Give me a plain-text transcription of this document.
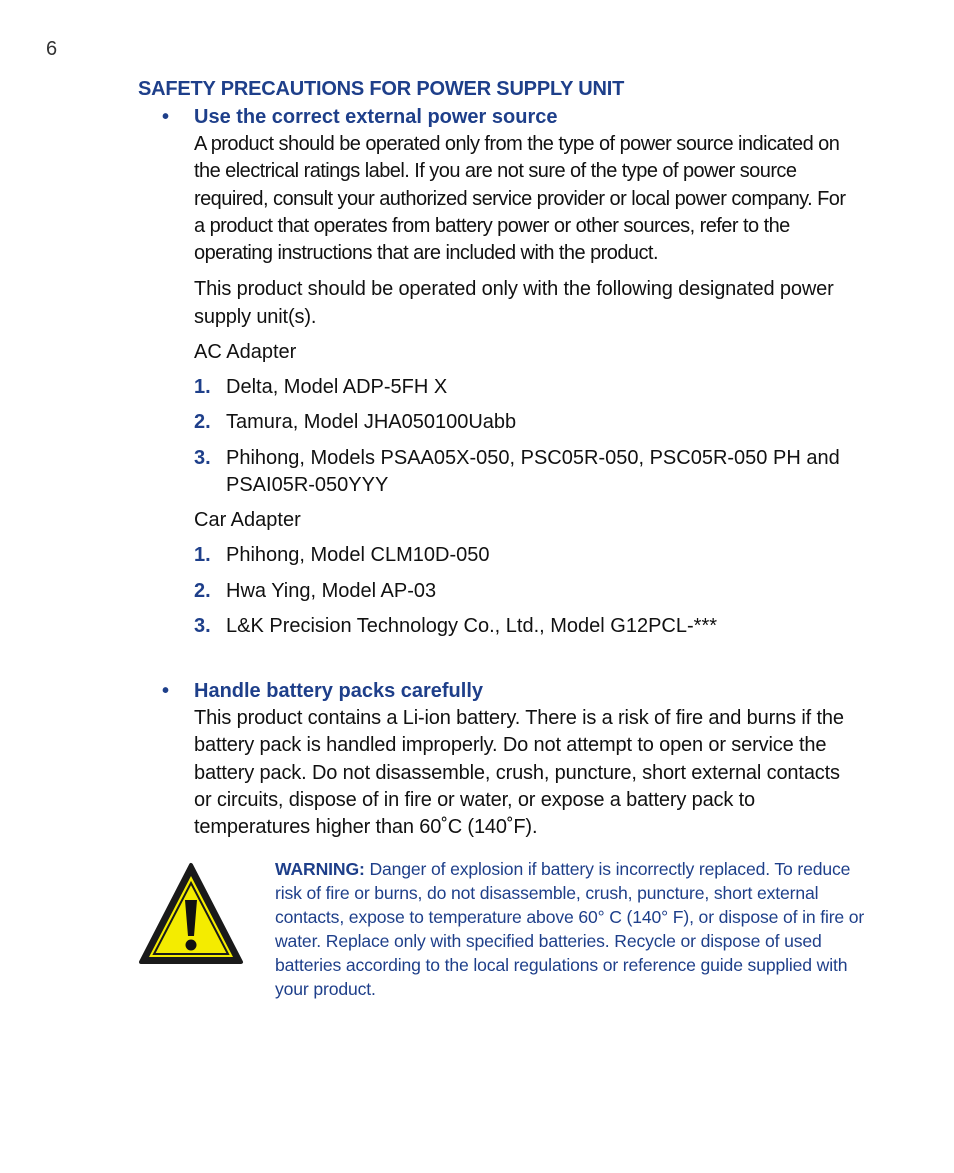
6
SAFETY PRECAUTIONS FOR POWER SUPPLY UNIT
• Use the correct external power source
A product should be operated only from the type of power source indicated on the electrical ratings label. If you are not sure of the type of power source required, consult your authorized service provider or local power company. For a product that operates from battery power or other sources, refer to the operating instructions that are included with the product.
This product should be operated only with the following designated power supply unit(s).
AC Adapter
1. Delta, Model ADP-5FH X
2. Tamura, Model JHA050100Uabb
3. Phihong, Models PSAA05X-050, PSC05R-050, PSC05R-050 PH and PSAI05R-050YYY
Car Adapter
1. Phihong, Model CLM10D-050
2. Hwa Ying, Model AP-03
3. L&K Precision Technology Co., Ltd., Model G12PCL-***
• Handle battery packs carefully
This product contains a Li-ion battery. There is a risk of fire and burns if the battery pack is handled improperly. Do not attempt to open or service the battery pack. Do not disassemble, crush, puncture, short external contacts or circuits, dispose of in fire or water, or expose a battery pack to temperatures higher than 60˚C (140˚F).
WARNING: Danger of explosion if battery is incorrectly replaced. To reduce risk of fire or burns, do not disassemble, crush, puncture, short external contacts, expose to temperature above 60° C (140° F), or dispose of in fire or water. Replace only with specified batteries. Recycle or dispose of used batteries according to the local regulations or reference guide supplied with your product.
